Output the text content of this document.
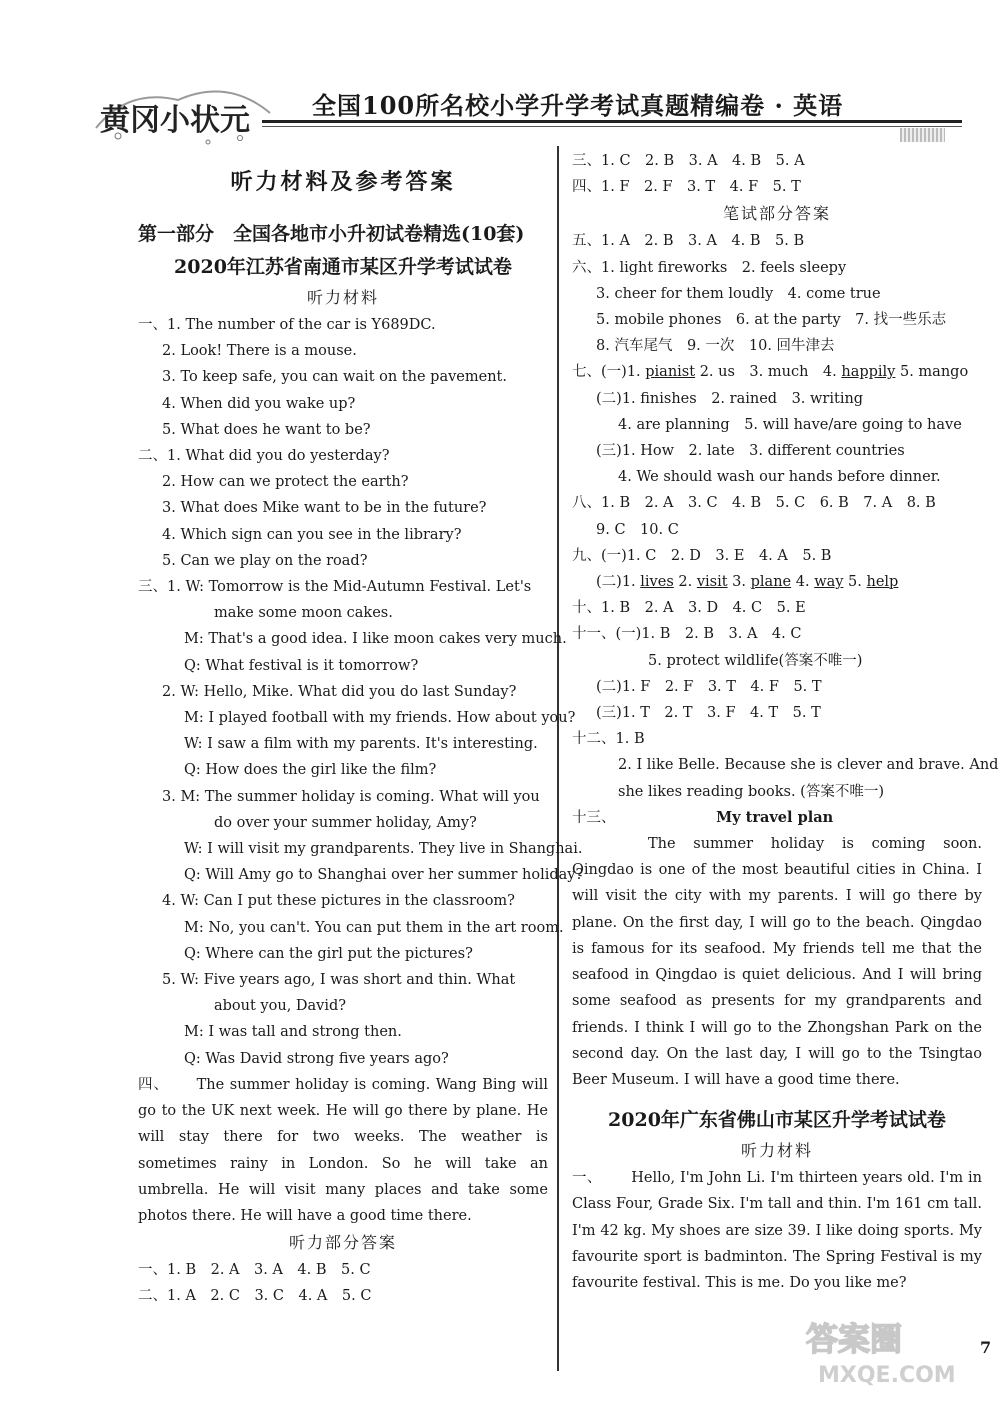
黄冈小状元	全国100所名校小学升学考试真题精编卷 · 英语
听力材料及参考答案
第一部分　全国各地市小升初试卷精选(10套)
2020年江苏省南通市某区升学考试试卷
听力材料
一、1. The number of the car is Y689DC.
2. Look! There is a mouse.
3. To keep safe, you can wait on the pavement.
4. When did you wake up?
5. What does he want to be?
二、1. What did you do yesterday?
2. How can we protect the earth?
3. What does Mike want to be in the future?
4. Which sign can you see in the library?
5. Can we play on the road?
三、1. W: Tomorrow is the Mid-Autumn Festival. Let's
make some moon cakes.
M: That's a good idea. I like moon cakes very much.
Q: What festival is it tomorrow?
2. W: Hello, Mike. What did you do last Sunday?
M: I played football with my friends. How about you?
W: I saw a film with my parents. It's interesting.
Q: How does the girl like the film?
3. M: The summer holiday is coming. What will you
do over your summer holiday, Amy?
W: I will visit my grandparents. They live in Shanghai.
Q: Will Amy go to Shanghai over her summer holiday?
4. W: Can I put these pictures in the classroom?
M: No, you can't. You can put them in the art room.
Q: Where can the girl put the pictures?
5. W: Five years ago, I was short and thin. What
about you, David?
M: I was tall and strong then.
Q: Was David strong five years ago?
四、 The summer holiday is coming. Wang Bing will go to the UK next week. He will go there by plane. He will stay there for two weeks. The weather is sometimes rainy in London. So he will take an umbrella. He will visit many places and take some photos there. He will have a good time there.
听力部分答案
一、1. B　2. A　3. A　4. B　5. C
二、1. A　2. C　3. C　4. A　5. C
三、1. C　2. B　3. A　4. B　5. A
四、1. F　2. F　3. T　4. F　5. T
笔试部分答案
五、1. A　2. B　3. A　4. B　5. B
六、1. light fireworks　2. feels sleepy
3. cheer for them loudly　4. come true
5. mobile phones　6. at the party　7. 找一些乐志
8. 汽车尾气　9. 一次　10. 回牛津去
七、(一)1. pianist 2. us　3. much　4. happily 5. mango
(二)1. finishes　2. rained　3. writing
4. are planning　5. will have/are going to have
(三)1. How　2. late　3. different countries
4. We should wash our hands before dinner.
八、1. B　2. A　3. C　4. B　5. C　6. B　7. A　8. B
9. C　10. C
九、(一)1. C　2. D　3. E　4. A　5. B
(二)1. lives 2. visit 3. plane 4. way 5. help
十、1. B　2. A　3. D　4. C　5. E
十一、(一)1. B　2. B　3. A　4. C
5. protect wildlife(答案不唯一)
(二)1. F　2. F　3. T　4. F　5. T
(三)1. T　2. T　3. F　4. T　5. T
十二、1. B
2. I like Belle. Because she is clever and brave. And
she likes reading books. (答案不唯一)
十三、	My travel plan
The summer holiday is coming soon. Qingdao is one of the most beautiful cities in China. I will visit the city with my parents. I will go there by plane. On the first day, I will go to the beach. Qingdao is famous for its seafood. My friends tell me that the seafood in Qingdao is quiet delicious. And I will bring some seafood as presents for my grandparents and friends. I think I will go to the Zhongshan Park on the second day. On the last day, I will go to the Tsingtao Beer Museum. I will have a good time there.
2020年广东省佛山市某区升学考试试卷
听力材料
一、 Hello, I'm John Li. I'm thirteen years old. I'm in Class Four, Grade Six. I'm tall and thin. I'm 161 cm tall. I'm 42 kg. My shoes are size 39. I like doing sports. My favourite sport is badminton. The Spring Festival is my favourite festival. This is me. Do you like me?
7
答案圈
MXQE.COM
